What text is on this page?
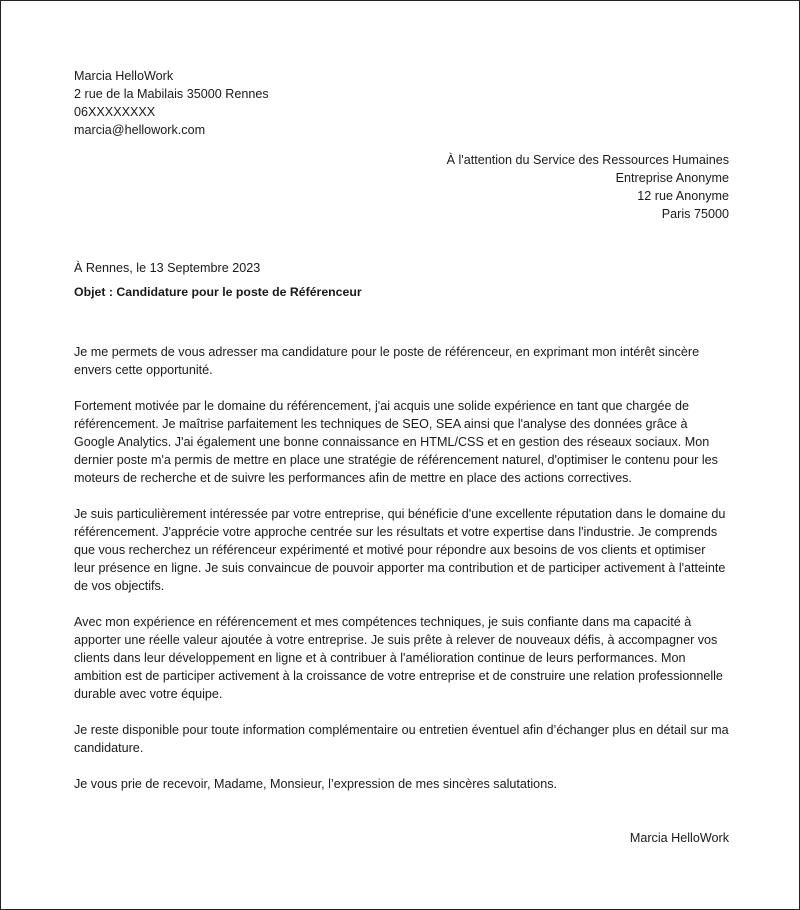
Marcia HelloWork
2 rue de la Mabilais 35000 Rennes
06XXXXXXXX
marcia@hellowork.com
À l'attention du Service des Ressources Humaines
Entreprise Anonyme
12 rue Anonyme
Paris 75000
À Rennes, le 13 Septembre 2023
Objet : Candidature pour le poste de Référenceur

Je me permets de vous adresser ma candidature pour le poste de référenceur, en exprimant mon intérêt sincère envers cette opportunité.

Fortement motivée par le domaine du référencement, j'ai acquis une solide expérience en tant que chargée de référencement. Je maîtrise parfaitement les techniques de SEO, SEA ainsi que l'analyse des données grâce à Google Analytics. J'ai également une bonne connaissance en HTML/CSS et en gestion des réseaux sociaux. Mon dernier poste m'a permis de mettre en place une stratégie de référencement naturel, d'optimiser le contenu pour les moteurs de recherche et de suivre les performances afin de mettre en place des actions correctives.

Je suis particulièrement intéressée par votre entreprise, qui bénéficie d'une excellente réputation dans le domaine du référencement. J'apprécie votre approche centrée sur les résultats et votre expertise dans l'industrie. Je comprends que vous recherchez un référenceur expérimenté et motivé pour répondre aux besoins de vos clients et optimiser leur présence en ligne. Je suis convaincue de pouvoir apporter ma contribution et de participer activement à l'atteinte de vos objectifs.

Avec mon expérience en référencement et mes compétences techniques, je suis confiante dans ma capacité à apporter une réelle valeur ajoutée à votre entreprise. Je suis prête à relever de nouveaux défis, à accompagner vos clients dans leur développement en ligne et à contribuer à l'amélioration continue de leurs performances. Mon ambition est de participer activement à la croissance de votre entreprise et de construire une relation professionnelle durable avec votre équipe.

Je reste disponible pour toute information complémentaire ou entretien éventuel afin d’échanger plus en détail sur ma candidature.

Je vous prie de recevoir, Madame, Monsieur, l’expression de mes sincères salutations.

Marcia HelloWork
